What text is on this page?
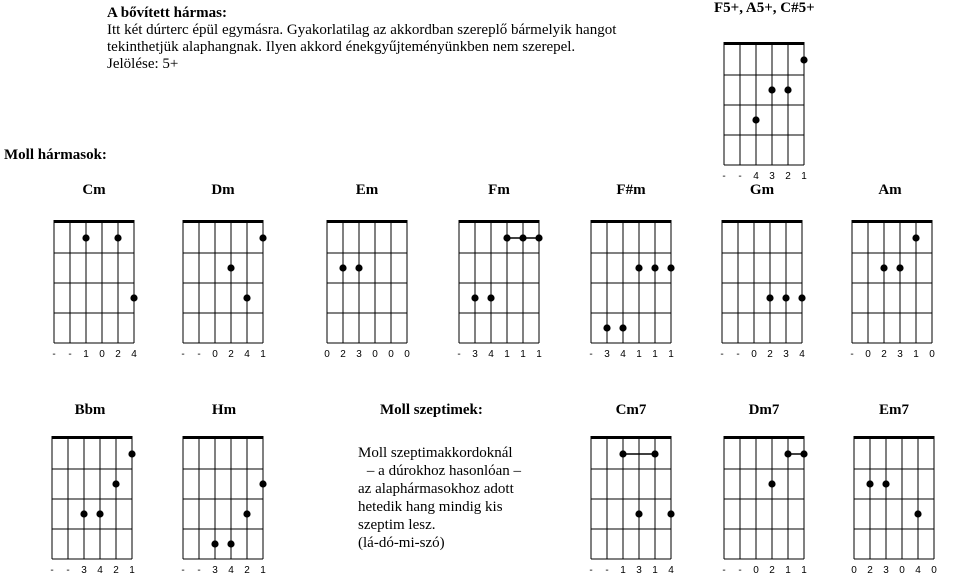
A bővített hármas:

Itt két dúrterc épül egymásra. Gyakorlatilag az akkordban szereplő bármelyik hangot

tekinthetjük alaphangnak. Ilyen akkord énekgyűjteményünkben nem szerepel.

Jelölése: 5+

F5+, A5+, C#5+
Moll hármasok:
Moll szeptimek:
Cm	Dm	Em	Fm	F#m	Gm	Am
Bbm	Hm	Cm7	Dm7	Em7

Moll szeptimakkordoknál

– a dúrokhoz hasonlóan –

az alaphármasokhoz adott

hetedik hang mindig kis

szeptim lesz.

(lá-dó-mi-szó)

- - 4 3 2 1
- - 1 0 2 4	- - 0 2 4 1	0 2 3 0 0 0	- 3 4 1 1 1	- 3 4 1 1 1	- - 0 2 3 4	- 0 2 3 1 0
- - 3 4 2 1	- - 3 4 2 1	- - 1 3 1 4	- - 0 2 1 1	0 2 3 0 4 0
